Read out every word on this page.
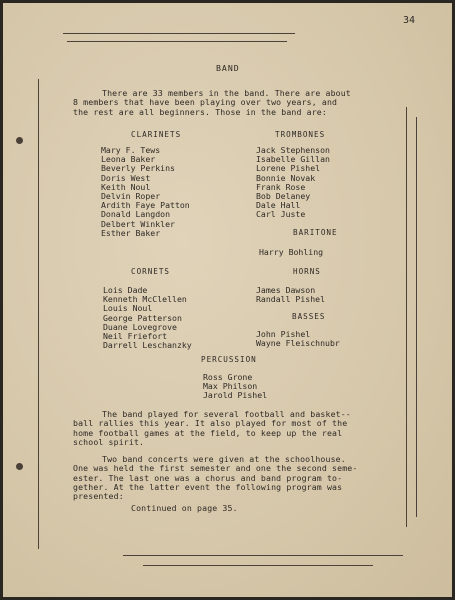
34
BAND
There are 33 members in the band. There are about
8 members that have been playing over two years, and
the rest are all beginners. Those in the band are:
CLARINETS
Mary F. Tews
Leona Baker
Beverly Perkins
Doris West
Keith Noul
Delvin Roper
Ardith Faye Patton
Donald Langdon
Delbert Winkler
Esther Baker
TROMBONES
Jack Stephenson
Isabelle Gillan
Lorene Pishel
Bonnie Novak
Frank Rose
Bob Delaney
Dale Hall
Carl Juste
BARITONE
Harry Bohling
CORNETS
Lois Dade
Kenneth McClellen
Louis Noul
George Patterson
Duane Lovegrove
Neil Friefort
Darrell Leschanzky
HORNS
James Dawson
Randall Pishel
BASSES
John Pishel
Wayne Fleischnubr
PERCUSSION
Ross Grone
Max Philson
Jarold Pishel
The band played for several football and basket--
ball rallies this year. It also played for most of the
home football games at the field, to keep up the real
school spirit.
Two band concerts were given at the schoolhouse.
One was held the first semester and one the second seme-
ester. The last one was a chorus and band program to-
gether. At the latter event the following program was
presented:
Continued on page 35.
